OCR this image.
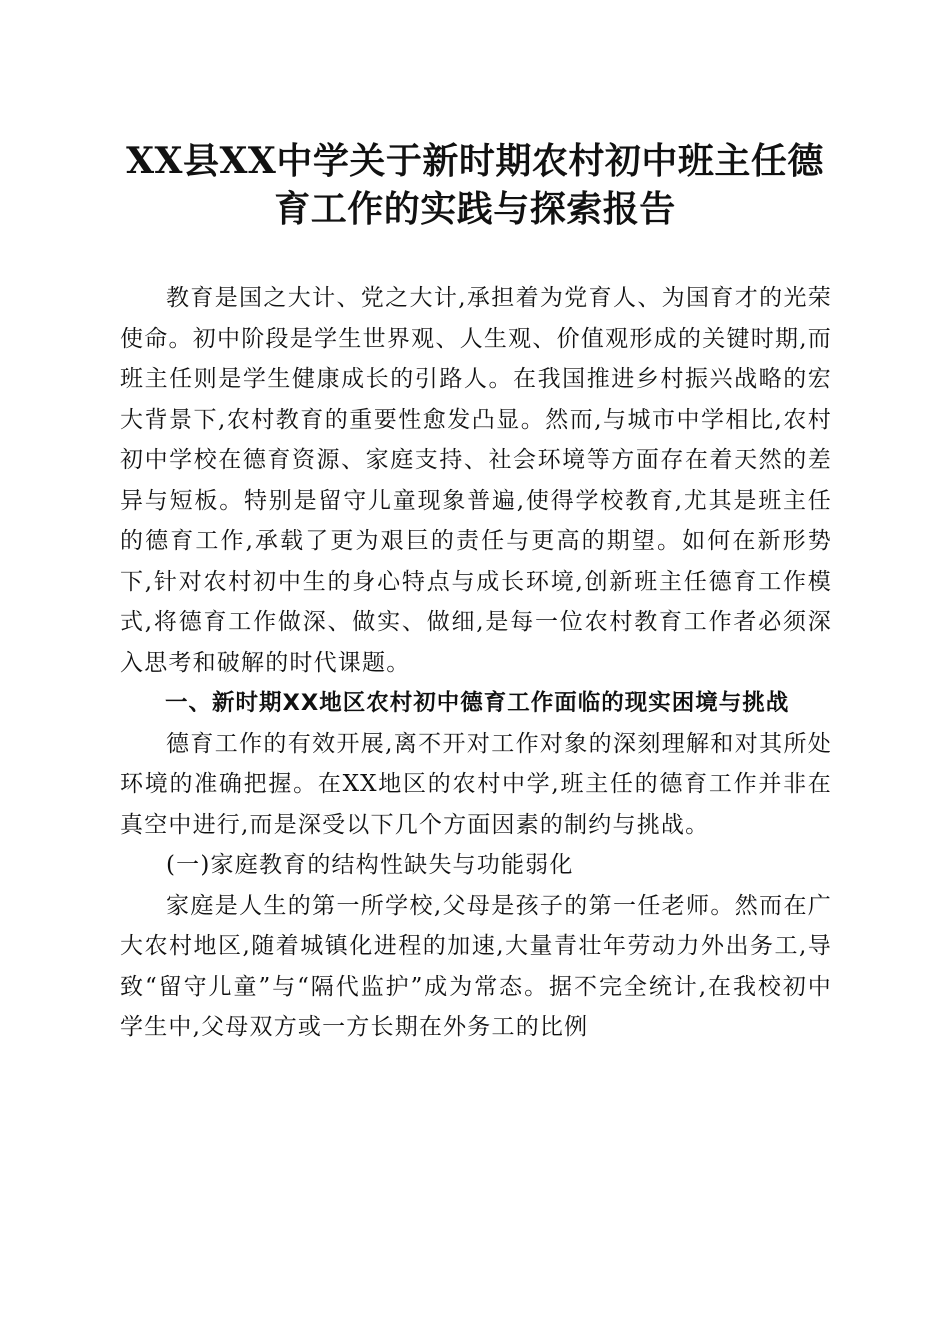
XX县XX中学关于新时期农村初中班主任德
育工作的实践与探索报告

教育是国之大计、党之大计,承担着为党育人、为国育才的光荣使命。初中阶段是学生世界观、人生观、价值观形成的关键时期,而班主任则是学生健康成长的引路人。在我国推进乡村振兴战略的宏大背景下,农村教育的重要性愈发凸显。然而,与城市中学相比,农村初中学校在德育资源、家庭支持、社会环境等方面存在着天然的差异与短板。特别是留守儿童现象普遍,使得学校教育,尤其是班主任的德育工作,承载了更为艰巨的责任与更高的期望。如何在新形势下,针对农村初中生的身心特点与成长环境,创新班主任德育工作模式,将德育工作做深、做实、做细,是每一位农村教育工作者必须深入思考和破解的时代课题。

一、新时期XX地区农村初中德育工作面临的现实困境与挑战

德育工作的有效开展,离不开对工作对象的深刻理解和对其所处环境的准确把握。在XX地区的农村中学,班主任的德育工作并非在真空中进行,而是深受以下几个方面因素的制约与挑战。

(一)家庭教育的结构性缺失与功能弱化

家庭是人生的第一所学校,父母是孩子的第一任老师。然而在广大农村地区,随着城镇化进程的加速,大量青壮年劳动力外出务工,导致“留守儿童”与“隔代监护”成为常态。据不完全统计,在我校初中学生中,父母双方或一方长期在外务工的比例
